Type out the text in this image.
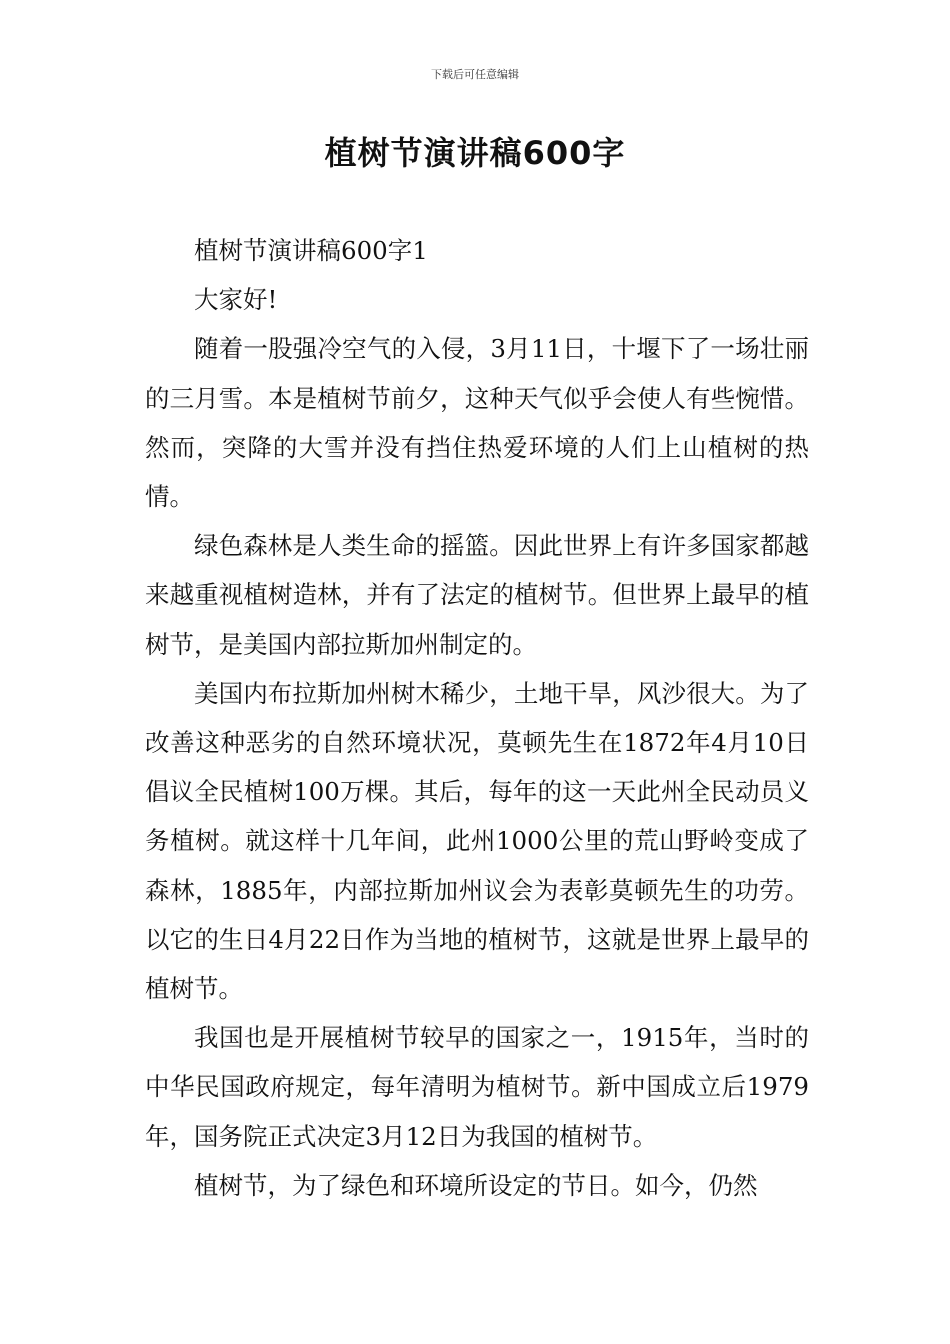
下载后可任意编辑
植树节演讲稿600字

植树节演讲稿600字1

大家好!

随着一股强冷空气的入侵，3月11日，十堰下了一场壮丽的三月雪。本是植树节前夕，这种天气似乎会使人有些惋惜。然而，突降的大雪并没有挡住热爱环境的人们上山植树的热情。

绿色森林是人类生命的摇篮。因此世界上有许多国家都越来越重视植树造林，并有了法定的植树节。但世界上最早的植树节，是美国内部拉斯加州制定的。

美国内布拉斯加州树木稀少，土地干旱，风沙很大。为了改善这种恶劣的自然环境状况，莫顿先生在1872年4月10日倡议全民植树100万棵。其后，每年的这一天此州全民动员义务植树。就这样十几年间，此州1000公里的荒山野岭变成了森林，1885年，内部拉斯加州议会为表彰莫顿先生的功劳。以它的生日4月22日作为当地的植树节，这就是世界上最早的植树节。

我国也是开展植树节较早的国家之一，1915年，当时的中华民国政府规定，每年清明为植树节。新中国成立后1979年，国务院正式决定3月12日为我国的植树节。

植树节，为了绿色和环境所设定的节日。如今，仍然
